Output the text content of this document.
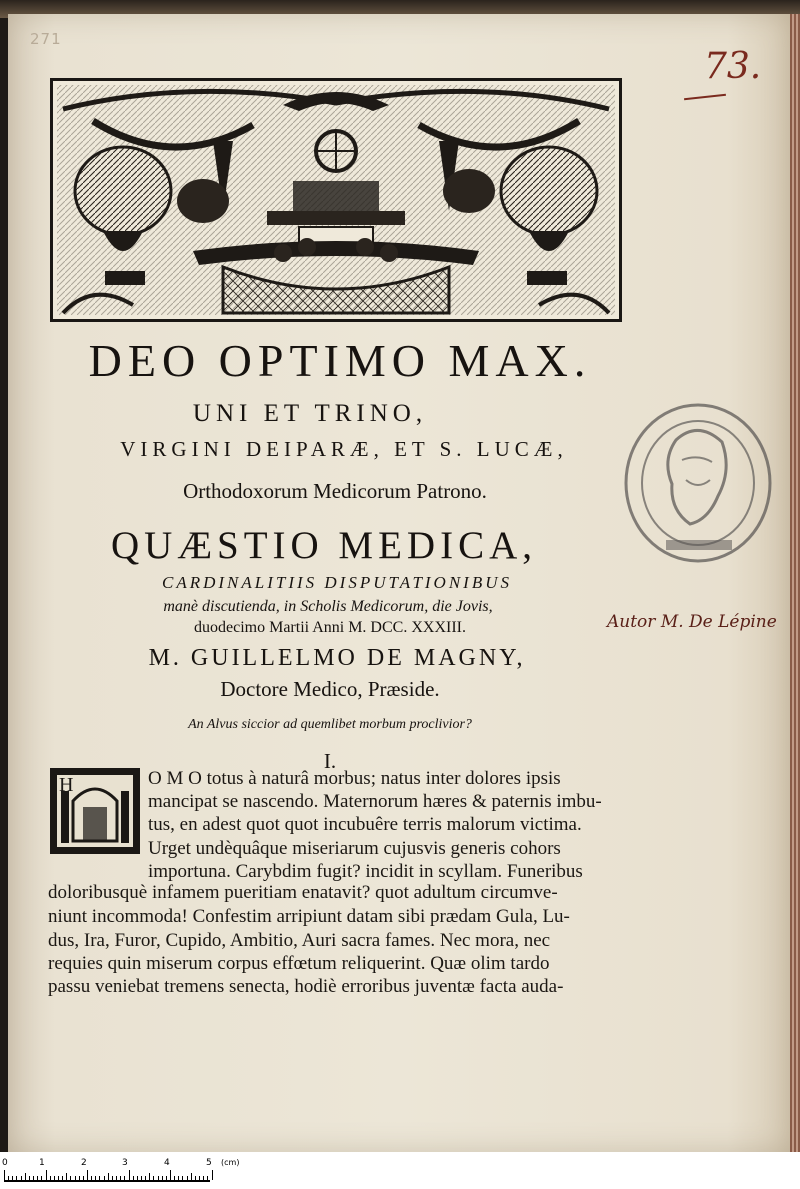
271
73.
Autor M. De Lépine
DEO OPTIMO MAX.
UNI ET TRINO,
VIRGINI DEIPARÆ, ET S. LUCÆ,
Orthodoxorum Medicorum Patrono.
QUÆSTIO MEDICA,
CARDINALITIIS DISPUTATIONIBUS
manè discutienda, in Scholis Medicorum, die Jovis,
duodecimo Martii Anni M. DCC. XXXIII.
M. GUILLELMO DE MAGNY,
Doctore Medico, Præside.
An Alvus siccior ad quemlibet morbum proclivior?
I.
H	O M O totus à naturâ morbus; natus inter dolores ipsis
mancipat se nascendo. Maternorum hæres & paternis imbu-
tus, en adest quot quot incubuêre terris malorum victima.
Urget undèquâque miseriarum cujusvis generis cohors
importuna. Carybdim fugit? incidit in scyllam. Funeribus
doloribusquè infamem pueritiam enatavit? quot adultum circumve-
niunt incommoda! Confestim arripiunt datam sibi prædam Gula, Lu-
dus, Ira, Furor, Cupido, Ambitio, Auri sacra fames. Nec mora, nec
requies quin miserum corpus effœtum reliquerint. Quæ olim tardo
passu veniebat tremens senecta, hodiè erroribus juventæ facta auda-
0	1	2	3	4	5 (cm)
